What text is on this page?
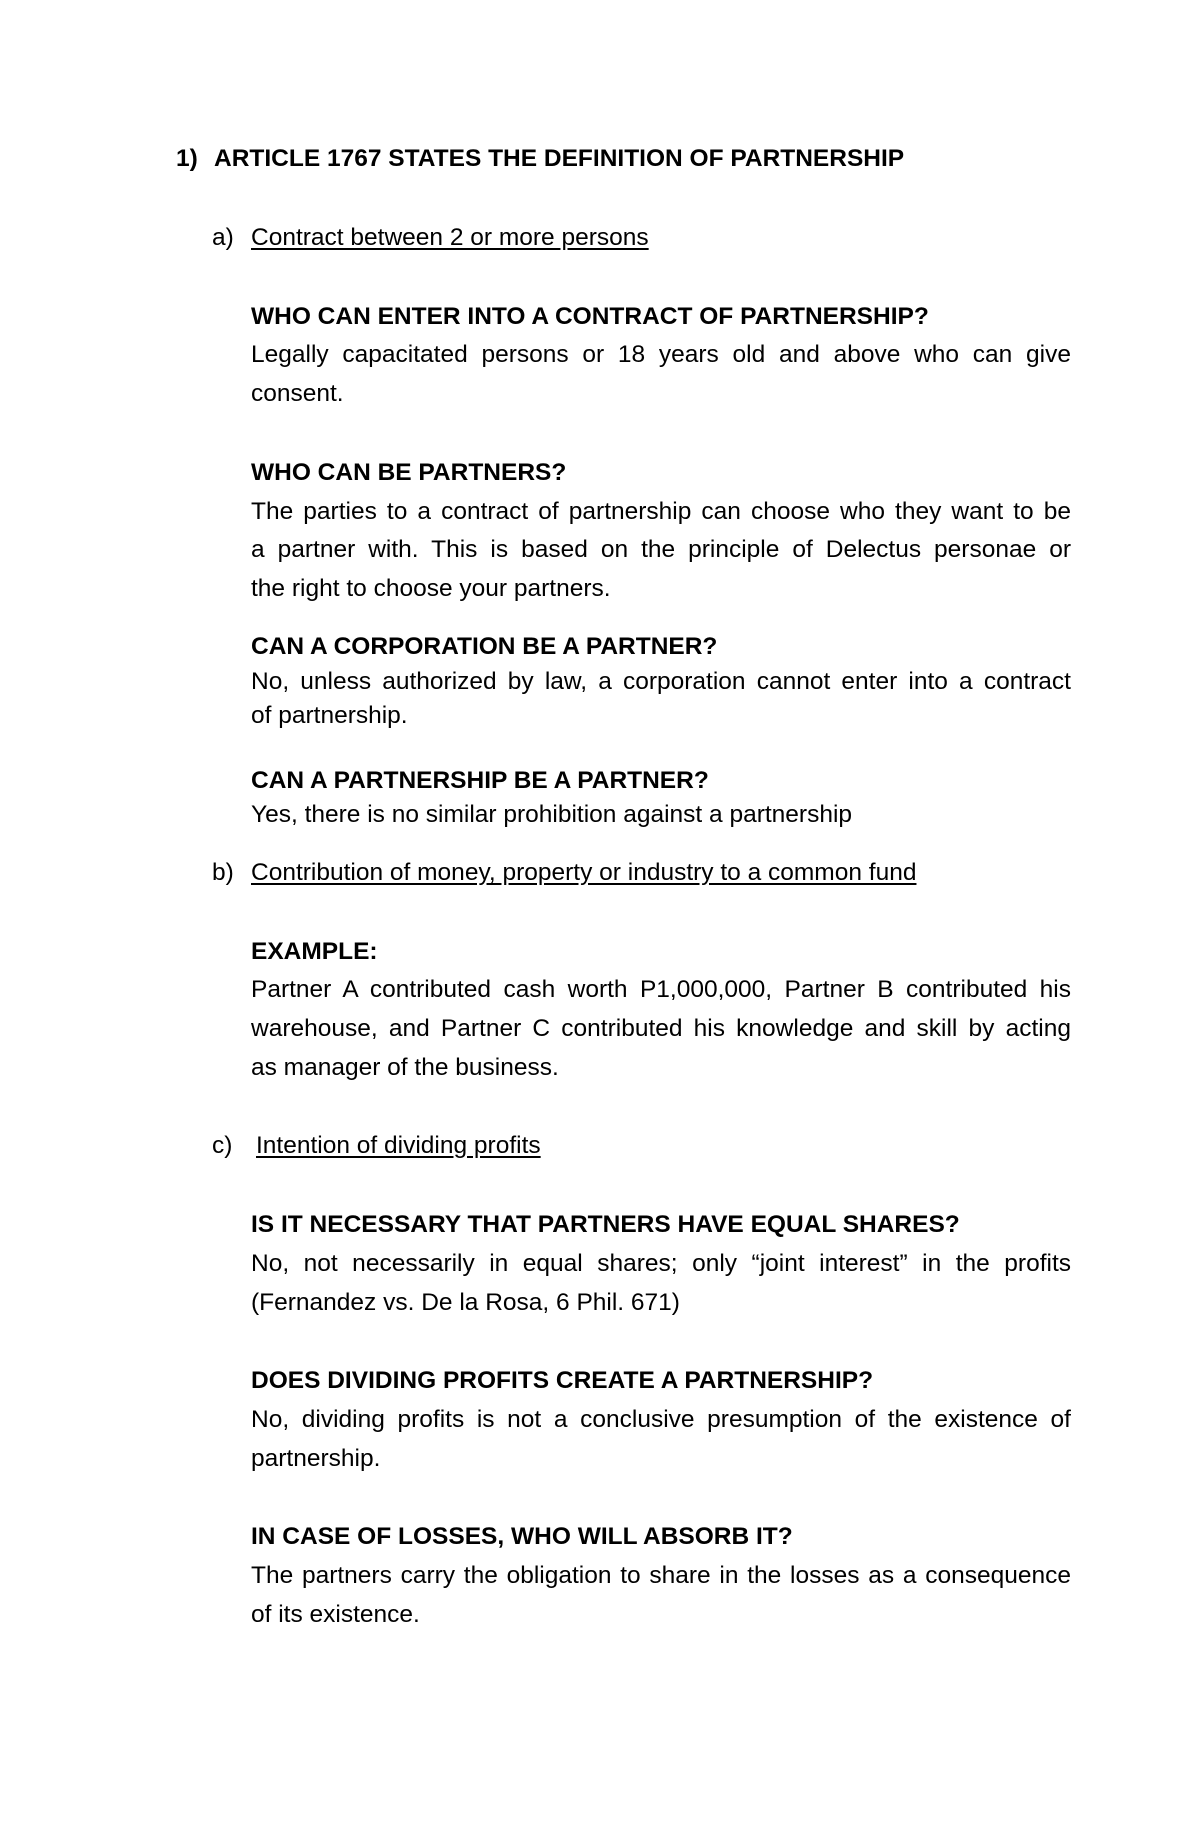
1) ARTICLE 1767 STATES THE DEFINITION OF PARTNERSHIP
a) Contract between 2 or more persons
WHO CAN ENTER INTO A CONTRACT OF PARTNERSHIP?
Legally capacitated persons or 18 years old and above who can give
consent.
WHO CAN BE PARTNERS?
The parties to a contract of partnership can choose who they want to be
a partner with. This is based on the principle of Delectus personae or
the right to choose your partners.
CAN A CORPORATION BE A PARTNER?
No, unless authorized by law, a corporation cannot enter into a contract
of partnership.
CAN A PARTNERSHIP BE A PARTNER?
Yes, there is no similar prohibition against a partnership
b) Contribution of money, property or industry to a common fund
EXAMPLE:
Partner A contributed cash worth P1,000,000, Partner B contributed his
warehouse, and Partner C contributed his knowledge and skill by acting
as manager of the business.
c) Intention of dividing profits
IS IT NECESSARY THAT PARTNERS HAVE EQUAL SHARES?
No, not necessarily in equal shares; only “joint interest” in the profits
(Fernandez vs. De la Rosa, 6 Phil. 671)
DOES DIVIDING PROFITS CREATE A PARTNERSHIP?
No, dividing profits is not a conclusive presumption of the existence of
partnership.
IN CASE OF LOSSES, WHO WILL ABSORB IT?
The partners carry the obligation to share in the losses as a consequence
of its existence.
